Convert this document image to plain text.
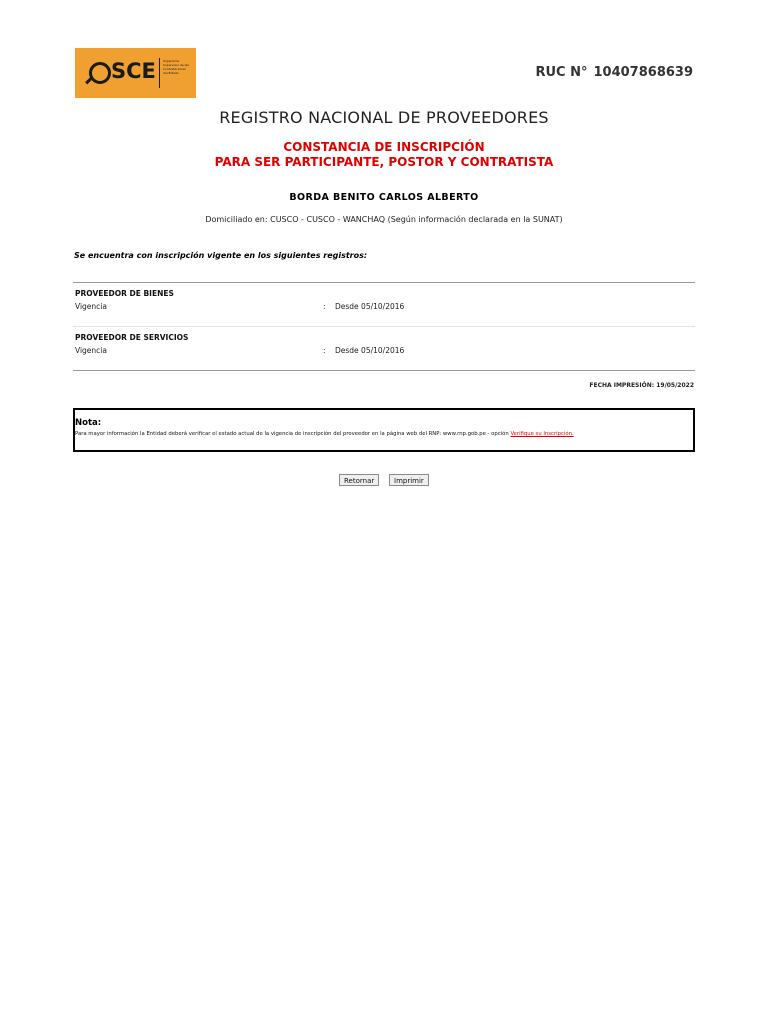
SCE Organismo
Supervisor de las
Contrataciones
del Estado	RUC N° 10407868639
REGISTRO NACIONAL DE PROVEEDORES
CONSTANCIA DE INSCRIPCIÓN
PARA SER PARTICIPANTE, POSTOR Y CONTRATISTA
BORDA BENITO CARLOS ALBERTO
Domiciliado en: CUSCO - CUSCO - WANCHAQ (Según información declarada en la SUNAT)
Se encuentra con inscripción vigente en los siguientes registros:
PROVEEDOR DE BIENES
Vigencia	: Desde 05/10/2016
PROVEEDOR DE SERVICIOS
Vigencia	: Desde 05/10/2016
FECHA IMPRESIÓN: 19/05/2022
Nota:
Para mayor información la Entidad deberá verificar el estado actual de la vigencia de inscripción del proveedor en la página web del RNP: www.rnp.gob.pe - opción Verifique su Inscripción.
Retornar	Imprimir
